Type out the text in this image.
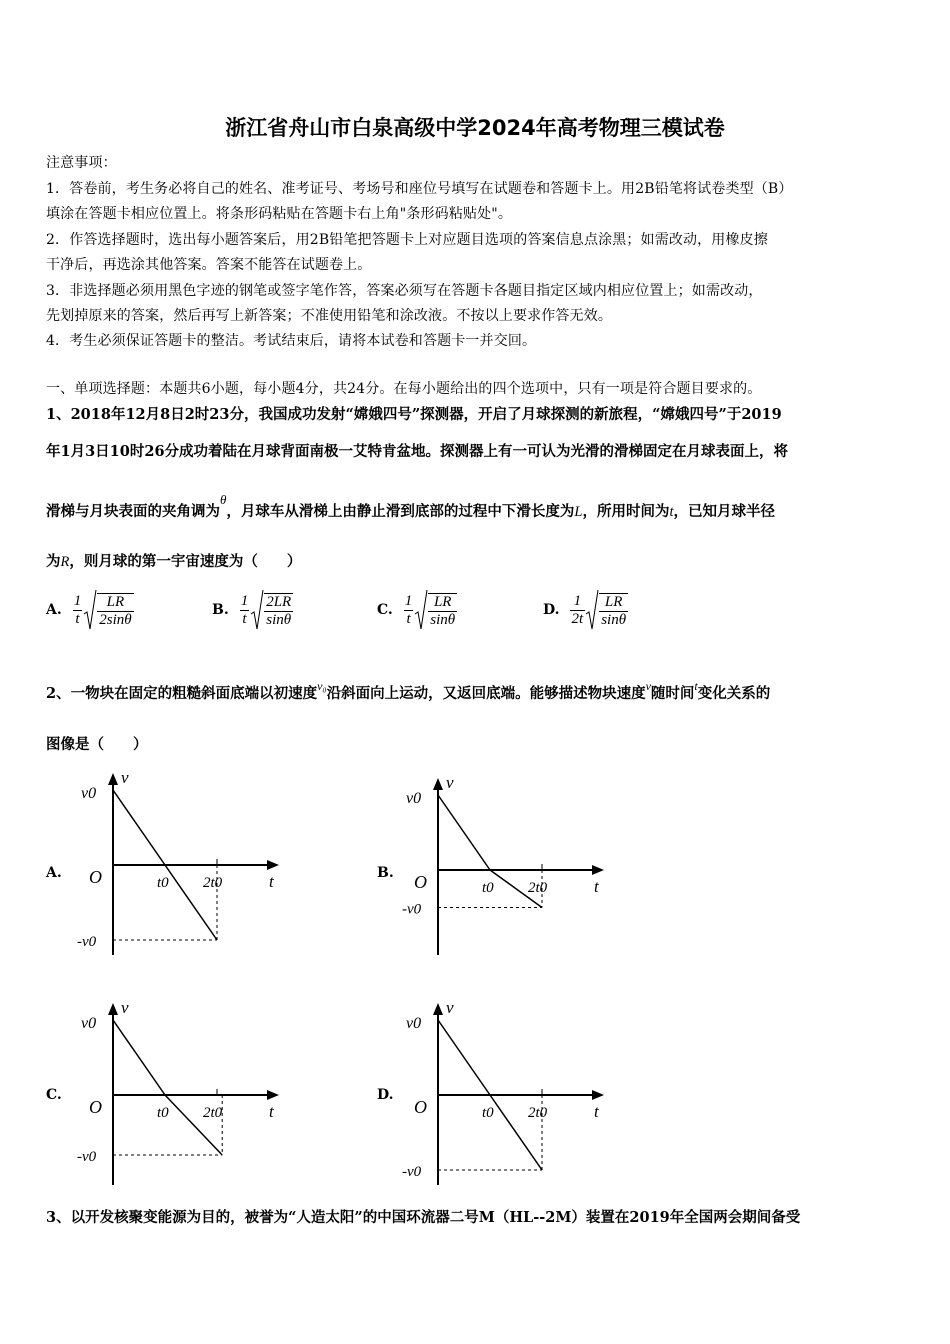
浙江省舟山市白泉高级中学2024年高考物理三模试卷
注意事项：
1．答卷前，考生务必将自己的姓名、准考证号、考场号和座位号填写在试题卷和答题卡上。用2B铅笔将试卷类型（B）
填涂在答题卡相应位置上。将条形码粘贴在答题卡右上角"条形码粘贴处"。
2．作答选择题时，选出每小题答案后，用2B铅笔把答题卡上对应题目选项的答案信息点涂黑；如需改动，用橡皮擦
干净后，再选涂其他答案。答案不能答在试题卷上。
3．非选择题必须用黑色字迹的钢笔或签字笔作答，答案必须写在答题卡各题目指定区域内相应位置上；如需改动，
先划掉原来的答案，然后再写上新答案；不准使用铅笔和涂改液。不按以上要求作答无效。
4．考生必须保证答题卡的整洁。考试结束后，请将本试卷和答题卡一并交回。
一、单项选择题：本题共6小题，每小题4分，共24分。在每小题给出的四个选项中，只有一项是符合题目要求的。
1、2018年12月8日2时23分，我国成功发射“嫦娥四号”探测器，开启了月球探测的新旅程，“嫦娥四号”于2019
年1月3日10时26分成功着陆在月球背面南极一艾特肯盆地。探测器上有一可认为光滑的滑梯固定在月球表面上，将
滑梯与月块表面的夹角调为θ，月球车从滑梯上由静止滑到底部的过程中下滑长度为L，所用时间为t，已知月球半径
为R，则月球的第一宇宙速度为（　　）
A. $\frac{1}{t} \frac{LR}{2\sin\theta}$	B. $\frac{1}{t} \frac{2LR}{\sin\theta}$	C. $\frac{1}{t} \frac{LR}{\sin\theta}$	D. $\frac{1}{2t} \frac{LR}{\sin\theta}$
2、一物块在固定的粗糙斜面底端以初速度$^{v_0}$沿斜面向上运动，又返回底端。能够描述物块速度$^v$随时间$^t$变化关系的
图像是（　　）
A.	B.
C.	D.
v
t
O
v0
t0 2t0
-v0
v
t
O
v0
t0 2t0
-v0
v
t
O
v0
t0 2t0
-v0
v
t
O
v0
t0 2t0
-v0
3、以开发核聚变能源为目的，被誉为“人造太阳”的中国环流器二号M（HL--2M）装置在2019年全国两会期间备受
